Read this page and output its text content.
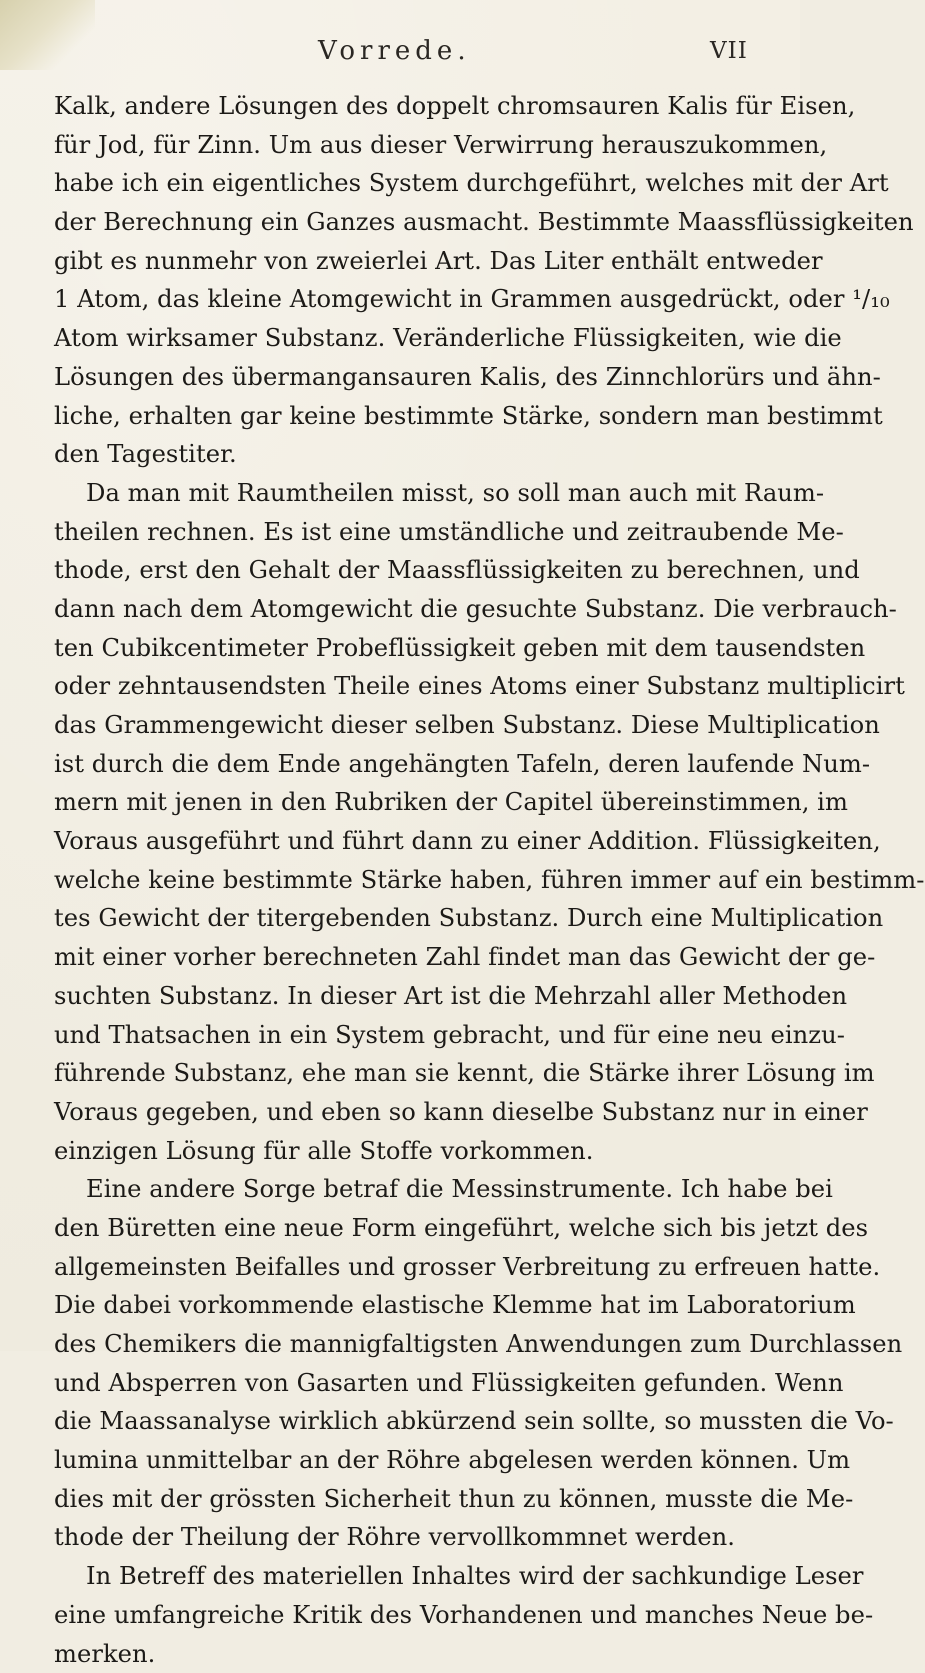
Vorrede.	VII
Kalk, andere Lösungen des doppelt chromsauren Kalis für Eisen,
für Jod, für Zinn. Um aus dieser Verwirrung herauszukommen,
habe ich ein eigentliches System durchgeführt, welches mit der Art
der Berechnung ein Ganzes ausmacht. Bestimmte Maassflüssigkeiten
gibt es nunmehr von zweierlei Art. Das Liter enthält entweder
1 Atom, das kleine Atomgewicht in Grammen ausgedrückt, oder ¹/₁₀
Atom wirksamer Substanz. Veränderliche Flüssigkeiten, wie die
Lösungen des übermangansauren Kalis, des Zinnchlorürs und ähn-
liche, erhalten gar keine bestimmte Stärke, sondern man bestimmt
den Tagestiter.
Da man mit Raumtheilen misst, so soll man auch mit Raum-
theilen rechnen. Es ist eine umständliche und zeitraubende Me-
thode, erst den Gehalt der Maassflüssigkeiten zu berechnen, und
dann nach dem Atomgewicht die gesuchte Substanz. Die verbrauch-
ten Cubikcentimeter Probeflüssigkeit geben mit dem tausendsten
oder zehntausendsten Theile eines Atoms einer Substanz multiplicirt
das Grammengewicht dieser selben Substanz. Diese Multiplication
ist durch die dem Ende angehängten Tafeln, deren laufende Num-
mern mit jenen in den Rubriken der Capitel übereinstimmen, im
Voraus ausgeführt und führt dann zu einer Addition. Flüssigkeiten,
welche keine bestimmte Stärke haben, führen immer auf ein bestimm-
tes Gewicht der titergebenden Substanz. Durch eine Multiplication
mit einer vorher berechneten Zahl findet man das Gewicht der ge-
suchten Substanz. In dieser Art ist die Mehrzahl aller Methoden
und Thatsachen in ein System gebracht, und für eine neu einzu-
führende Substanz, ehe man sie kennt, die Stärke ihrer Lösung im
Voraus gegeben, und eben so kann dieselbe Substanz nur in einer
einzigen Lösung für alle Stoffe vorkommen.
Eine andere Sorge betraf die Messinstrumente. Ich habe bei
den Büretten eine neue Form eingeführt, welche sich bis jetzt des
allgemeinsten Beifalles und grosser Verbreitung zu erfreuen hatte.
Die dabei vorkommende elastische Klemme hat im Laboratorium
des Chemikers die mannigfaltigsten Anwendungen zum Durchlassen
und Absperren von Gasarten und Flüssigkeiten gefunden. Wenn
die Maassanalyse wirklich abkürzend sein sollte, so mussten die Vo-
lumina unmittelbar an der Röhre abgelesen werden können. Um
dies mit der grössten Sicherheit thun zu können, musste die Me-
thode der Theilung der Röhre vervollkommnet werden.
In Betreff des materiellen Inhaltes wird der sachkundige Leser
eine umfangreiche Kritik des Vorhandenen und manches Neue be-
merken.
